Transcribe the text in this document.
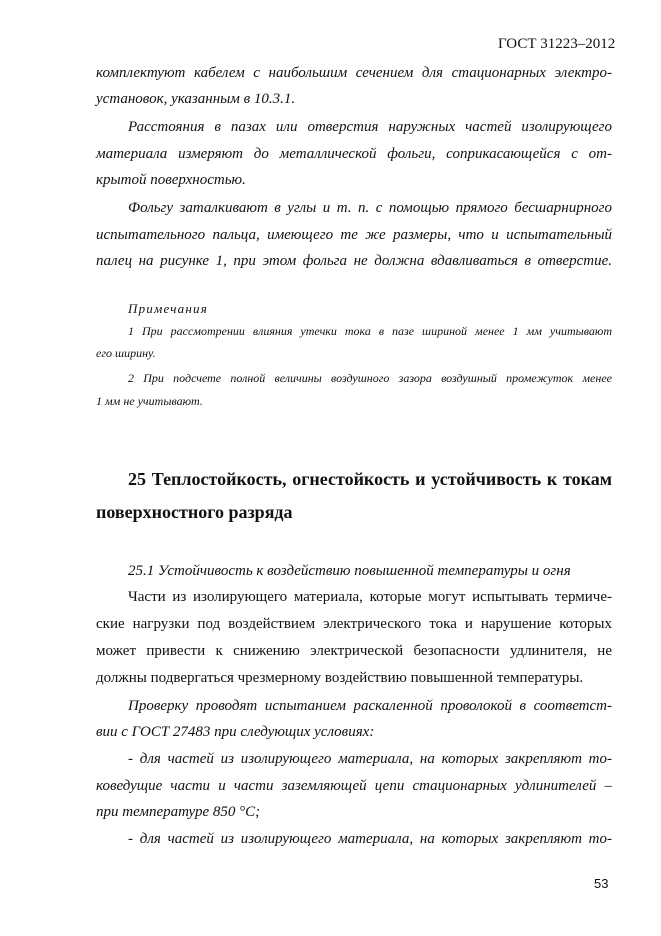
ГОСТ 31223–2012
комплектуют кабелем с наибольшим сечением для стационарных электро-
установок, указанным в 10.3.1.
Расстояния в пазах или отверстия наружных частей изолирующего
материала измеряют до металлической фольги, соприкасающейся с от-
крытой поверхностью.
Фольгу заталкивают в углы и т. п. с помощью прямого бесшарнирного
испытательного пальца, имеющего те же размеры, что и испытательный
палец на рисунке 1, при этом фольга не должна вдавливаться в отверстие.
Примечания
1 При рассмотрении влияния утечки тока в пазе шириной менее 1 мм учитывают
его ширину.
2 При подсчете полной величины воздушного зазора воздушный промежуток менее
1 мм не учитывают.
25 Теплостойкость, огнестойкость и устойчивость к токам
поверхностного разряда
25.1 Устойчивость к воздействию повышенной температуры и огня
Части из изолирующего материала, которые могут испытывать термиче-
ские нагрузки под воздействием электрического тока и нарушение которых
может привести к снижению электрической безопасности удлинителя, не
должны подвергаться чрезмерному воздействию повышенной температуры.
Проверку проводят испытанием раскаленной проволокой в соответст-
вии с ГОСТ 27483 при следующих условиях:
- для частей из изолирующего материала, на которых закрепляют то-
коведущие части и части заземляющей цепи стационарных удлинителей –
при температуре 850 °С;
- для частей из изолирующего материала, на которых закрепляют то-
53
